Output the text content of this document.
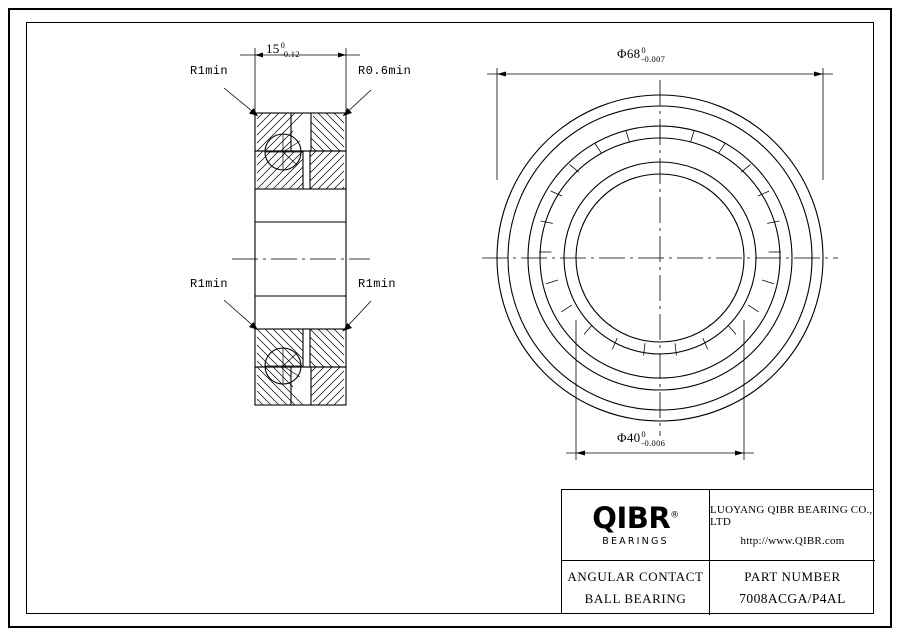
15 0
-0.12
R1min	R0.6min
R1min	R1min
Φ68 0
-0.007
Φ40 0
-0.006
QIBR®
BEARINGS
LUOYANG QIBR BEARING CO., LTD
http://www.QIBR.com
ANGULAR CONTACT
BALL BEARING
PART NUMBER
7008ACGA/P4AL
